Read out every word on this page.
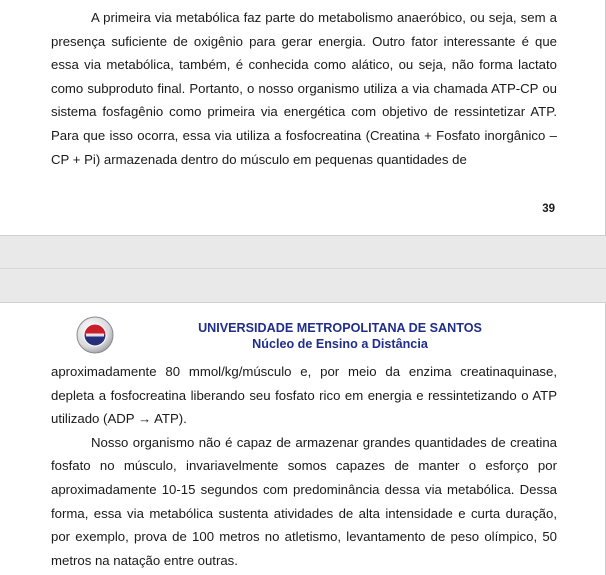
A primeira via metabólica faz parte do metabolismo anaeróbico, ou seja, sem a presença suficiente de oxigênio para gerar energia. Outro fator interessante é que essa via metabólica, também, é conhecida como alático, ou seja, não forma lactato como subproduto final. Portanto, o nosso organismo utiliza a via chamada ATP-CP ou sistema fosfagênio como primeira via energética com objetivo de ressintetizar ATP. Para que isso ocorra, essa via utiliza a fosfocreatina (Creatina + Fosfato inorgânico – CP + Pi) armazenada dentro do músculo em pequenas quantidades de

39
UNIVERSIDADE METROPOLITANA DE SANTOS
Núcleo de Ensino a Distância

aproximadamente 80 mmol/kg/músculo e, por meio da enzima creatinaquinase, depleta a fosfocreatina liberando seu fosfato rico em energia e ressintetizando o ATP utilizado (ADP → ATP).

Nosso organismo não é capaz de armazenar grandes quantidades de creatina fosfato no músculo, invariavelmente somos capazes de manter o esforço por aproximadamente 10-15 segundos com predominância dessa via metabólica. Dessa forma, essa via metabólica sustenta atividades de alta intensidade e curta duração, por exemplo, prova de 100 metros no atletismo, levantamento de peso olímpico, 50 metros na natação entre outras.
